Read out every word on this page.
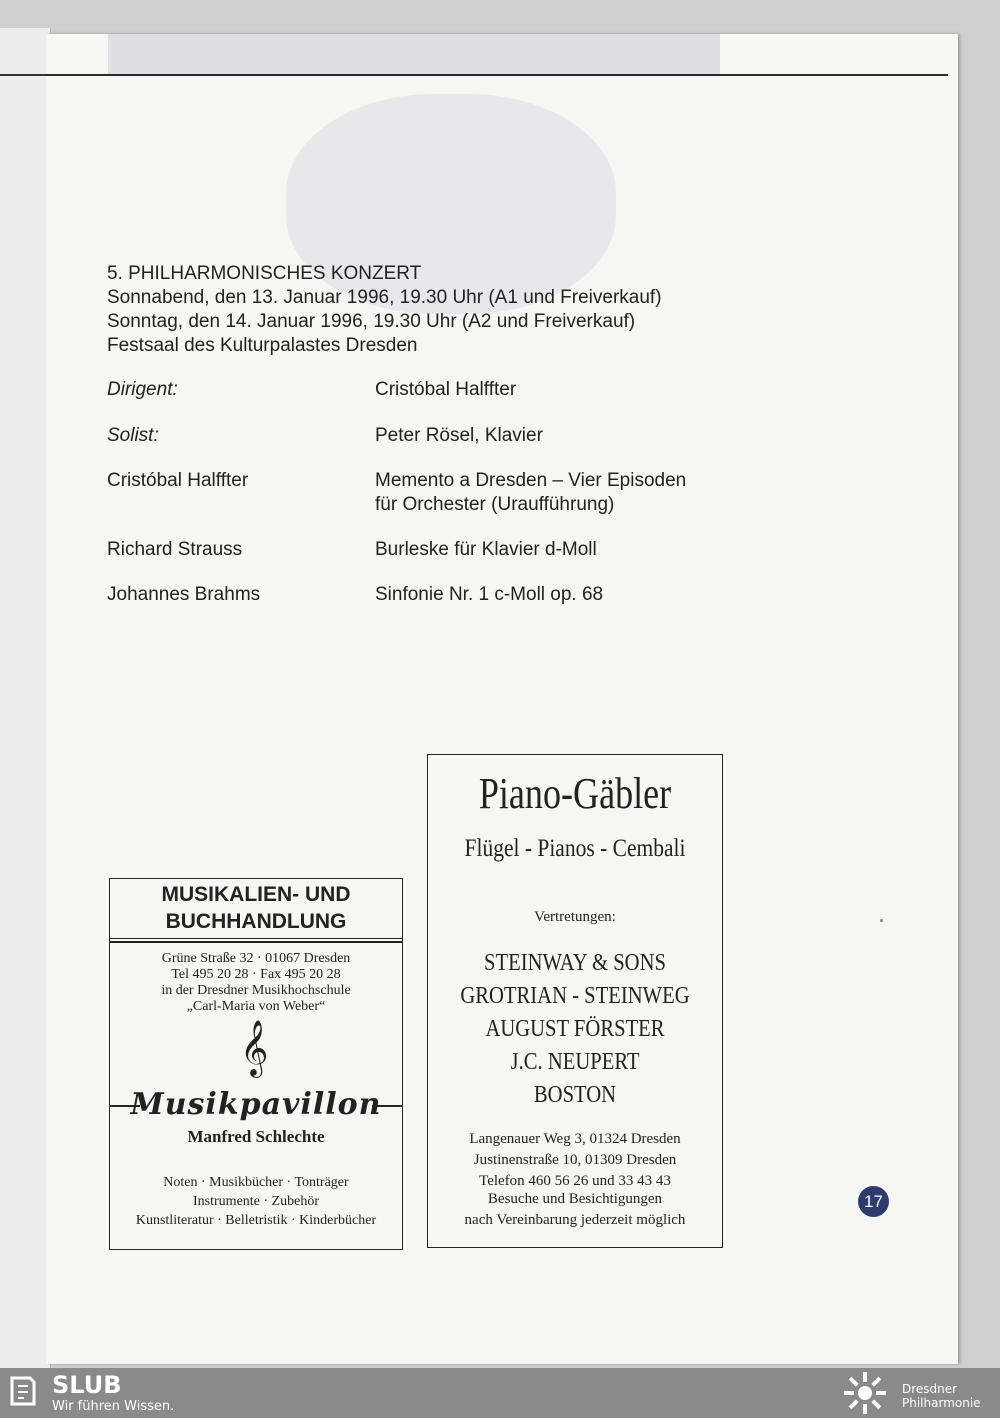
5. PHILHARMONISCHES KONZERT
Sonnabend, den 13. Januar 1996, 19.30 Uhr (A1 und Freiverkauf)
Sonntag, den 14. Januar 1996, 19.30 Uhr (A2 und Freiverkauf)
Festsaal des Kulturpalastes Dresden
Dirigent:	Cristóbal Halffter
Solist:	Peter Rösel, Klavier
Cristóbal Halffter	Memento a Dresden – Vier Episoden
für Orchester (Uraufführung)
Richard Strauss	Burleske für Klavier d-Moll
Johannes Brahms	Sinfonie Nr. 1 c-Moll op. 68
MUSIKALIEN- UND
BUCHHANDLUNG
Grüne Straße 32 · 01067 Dresden
Tel 495 20 28 · Fax 495 20 28
in der Dresdner Musikhochschule
„Carl-Maria von Weber“
𝄞
Musikpavillon
Manfred Schlechte
Noten · Musikbücher · Tonträger
Instrumente · Zubehör
Kunstliteratur · Belletristik · Kinderbücher
Piano-Gäbler
Flügel - Pianos - Cembali
Vertretungen:
STEINWAY & SONS
GROTRIAN - STEINWEG
AUGUST FÖRSTER
J.C. NEUPERT
BOSTON
Langenauer Weg 3, 01324 Dresden
Justinenstraße 10, 01309 Dresden
Telefon 460 56 26 und 33 43 43
Besuche und Besichtigungen
nach Vereinbarung jederzeit möglich
17
SLUB
Wir führen Wissen.
Dresdner
Philharmonie
